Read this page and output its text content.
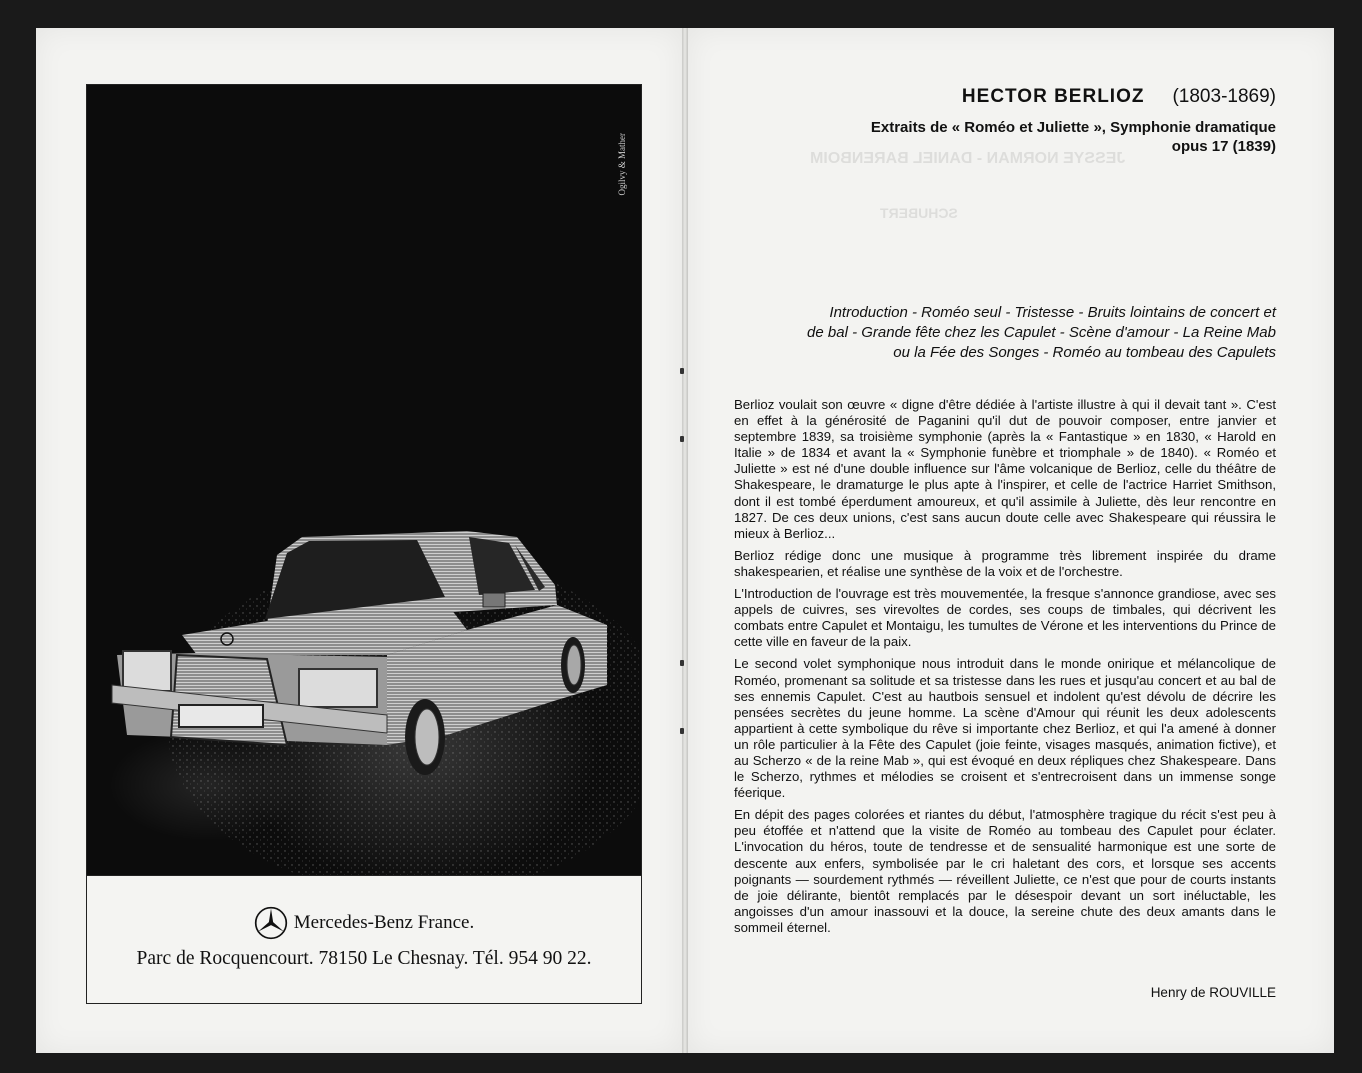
JESSYE NORMAN - DANIEL BARENBOIM
SCHUBERT
Ogilvy & Mather
Mercedes-Benz France.
Parc de Rocquencourt. 78150 Le Chesnay. Tél. 954 90 22.
HECTOR BERLIOZ (1803-1869)
Extraits de « Roméo et Juliette », Symphonie dramatique
opus 17 (1839)
Introduction - Roméo seul - Tristesse - Bruits lointains de concert et
de bal - Grande fête chez les Capulet - Scène d'amour - La Reine Mab
ou la Fée des Songes - Roméo au tombeau des Capulets

Berlioz voulait son œuvre « digne d'être dédiée à l'artiste illustre à qui il devait tant ». C'est en effet à la générosité de Paganini qu'il dut de pouvoir composer, entre janvier et septembre 1839, sa troisième symphonie (après la « Fantastique » en 1830, « Harold en Italie » de 1834 et avant la « Symphonie funèbre et triomphale » de 1840). « Roméo et Juliette » est né d'une double influence sur l'âme volcanique de Berlioz, celle du théâtre de Shakespeare, le dramaturge le plus apte à l'inspirer, et celle de l'actrice Harriet Smithson, dont il est tombé éperdument amoureux, et qu'il assimile à Juliette, dès leur rencontre en 1827. De ces deux unions, c'est sans aucun doute celle avec Shakespeare qui réussira le mieux à Berlioz...

Berlioz rédige donc une musique à programme très librement inspirée du drame shakespearien, et réalise une synthèse de la voix et de l'orchestre.

L'Introduction de l'ouvrage est très mouvementée, la fresque s'annonce grandiose, avec ses appels de cuivres, ses virevoltes de cordes, ses coups de timbales, qui décrivent les combats entre Capulet et Montaigu, les tumultes de Vérone et les interventions du Prince de cette ville en faveur de la paix.

Le second volet symphonique nous introduit dans le monde onirique et mélancolique de Roméo, promenant sa solitude et sa tristesse dans les rues et jusqu'au concert et au bal de ses ennemis Capulet. C'est au hautbois sensuel et indolent qu'est dévolu de décrire les pensées secrètes du jeune homme. La scène d'Amour qui réunit les deux adolescents appartient à cette symbolique du rêve si importante chez Berlioz, et qui l'a amené à donner un rôle particulier à la Fête des Capulet (joie feinte, visages masqués, animation fictive), et au Scherzo « de la reine Mab », qui est évoqué en deux répliques chez Shakespeare. Dans le Scherzo, rythmes et mélodies se croisent et s'entrecroisent dans un immense songe féerique.

En dépit des pages colorées et riantes du début, l'atmosphère tragique du récit s'est peu à peu étoffée et n'attend que la visite de Roméo au tombeau des Capulet pour éclater. L'invocation du héros, toute de tendresse et de sensualité harmonique est une sorte de descente aux enfers, symbolisée par le cri haletant des cors, et lorsque ses accents poignants — sourdement rythmés — réveillent Juliette, ce n'est que pour de courts instants de joie délirante, bientôt remplacés par le désespoir devant un sort inéluctable, les angoisses d'un amour inassouvi et la douce, la sereine chute des deux amants dans le sommeil éternel.

Henry de ROUVILLE
